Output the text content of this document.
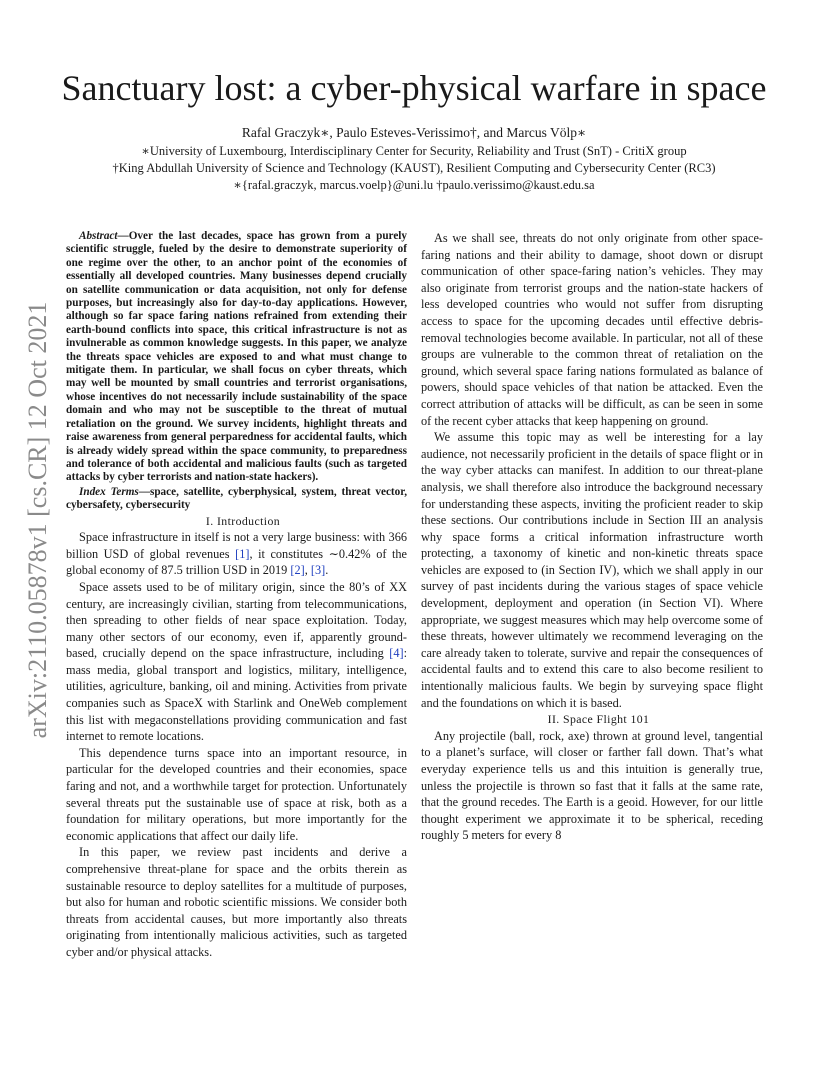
Sanctuary lost: a cyber-physical warfare in space
Rafal Graczyk∗, Paulo Esteves-Verissimo†, and Marcus Völp∗
∗University of Luxembourg, Interdisciplinary Center for Security, Reliability and Trust (SnT) - CritiX group
†King Abdullah University of Science and Technology (KAUST), Resilient Computing and Cybersecurity Center (RC3)
∗{rafal.graczyk, marcus.voelp}@uni.lu †paulo.verissimo@kaust.edu.sa
arXiv:2110.05878v1 [cs.CR] 12 Oct 2021

Abstract—Over the last decades, space has grown from a purely scientific struggle, fueled by the desire to demonstrate superiority of one regime over the other, to an anchor point of the economies of essentially all developed countries. Many businesses depend crucially on satellite communication or data acquisition, not only for defense purposes, but increasingly also for day-to-day applications. However, although so far space faring nations refrained from extending their earth-bound conflicts into space, this critical infrastructure is not as invulnerable as common knowledge suggests. In this paper, we analyze the threats space vehicles are exposed to and what must change to mitigate them. In particular, we shall focus on cyber threats, which may well be mounted by small countries and terrorist organisations, whose incentives do not necessarily include sustainability of the space domain and who may not be susceptible to the threat of mutual retaliation on the ground. We survey incidents, highlight threats and raise awareness from general perparedness for accidental faults, which is already widely spread within the space community, to preparedness and tolerance of both accidental and malicious faults (such as targeted attacks by cyber terrorists and nation-state hackers).

Index Terms—space, satellite, cyberphysical, system, threat vector, cybersafety, cybersecurity

I. Introduction

Space infrastructure in itself is not a very large business: with 366 billion USD of global revenues [1], it constitutes ∼0.42% of the global economy of 87.5 trillion USD in 2019 [2], [3].

Space assets used to be of military origin, since the 80’s of XX century, are increasingly civilian, starting from telecommunications, then spreading to other fields of near space exploitation. Today, many other sectors of our economy, even if, apparently ground-based, crucially depend on the space infrastructure, including [4]: mass media, global transport and logistics, military, intelligence, utilities, agriculture, banking, oil and mining. Activities from private companies such as SpaceX with Starlink and OneWeb complement this list with megaconstellations providing communication and fast internet to remote locations.

This dependence turns space into an important resource, in particular for the developed countries and their economies, space faring and not, and a worthwhile target for protection. Unfortunately several threats put the sustainable use of space at risk, both as a foundation for military operations, but more importantly for the economic applications that affect our daily life.

In this paper, we review past incidents and derive a comprehensive threat-plane for space and the orbits therein as sustainable resource to deploy satellites for a multitude of purposes, but also for human and robotic scientific missions. We consider both threats from accidental causes, but more importantly also threats originating from intentionally malicious activities, such as targeted cyber and/or physical attacks.

As we shall see, threats do not only originate from other space-faring nations and their ability to damage, shoot down or disrupt communication of other space-faring nation’s vehicles. They may also originate from terrorist groups and the nation-state hackers of less developed countries who would not suffer from disrupting access to space for the upcoming decades until effective debris-removal technologies become available. In particular, not all of these groups are vulnerable to the common threat of retaliation on the ground, which several space faring nations formulated as balance of powers, should space vehicles of that nation be attacked. Even the correct attribution of attacks will be difficult, as can be seen in some of the recent cyber attacks that keep happening on ground.

We assume this topic may as well be interesting for a lay audience, not necessarily proficient in the details of space flight or in the way cyber attacks can manifest. In addition to our threat-plane analysis, we shall therefore also introduce the background necessary for understanding these aspects, inviting the proficient reader to skip these sections. Our contributions include in Section III an analysis why space forms a critical information infrastructure worth protecting, a taxonomy of kinetic and non-kinetic threats space vehicles are exposed to (in Section IV), which we shall apply in our survey of past incidents during the various stages of space vehicle development, deployment and operation (in Section VI). Where appropriate, we suggest measures which may help overcome some of these threats, however ultimately we recommend leveraging on the care already taken to tolerate, survive and repair the consequences of accidental faults and to extend this care to also become resilient to intentionally malicious faults. We begin by surveying space flight and the foundations on which it is based.

II. Space Flight 101

Any projectile (ball, rock, axe) thrown at ground level, tangential to a planet’s surface, will closer or farther fall down. That’s what everyday experience tells us and this intuition is generally true, unless the projectile is thrown so fast that it falls at the same rate, that the ground recedes. The Earth is a geoid. However, for our little thought experiment we approximate it to be spherical, receding roughly 5 meters for every 8
